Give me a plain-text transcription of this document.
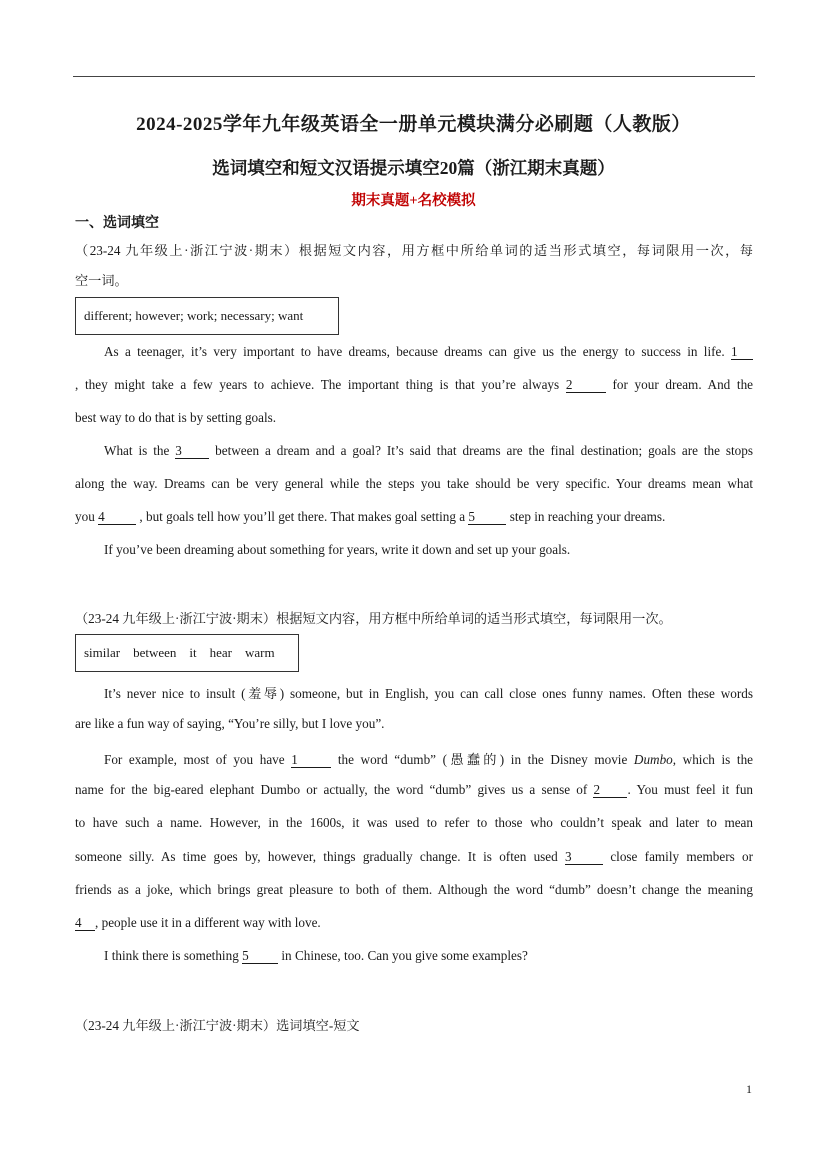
2024-2025学年九年级英语全一册单元模块满分必刷题（人教版）
选词填空和短文汉语提示填空20篇（浙江期末真题）
期末真题+名校模拟
一、选词填空
（23-24 九年级上·浙江宁波·期末）根据短文内容，用方框中所给单词的适当形式填空，每词限用一次，每
空一词。
different; however; work; necessary; want
As a teenager, it’s very important to have dreams, because dreams can give us the energy to success in life. 1
, they might take a few years to achieve. The important thing is that you’re always 2	for your dream. And the
best way to do that is by setting goals.
What is the 3	between a dream and a goal? It’s said that dreams are the final destination; goals are the stops
along the way. Dreams can be very general while the steps you take should be very specific. Your dreams mean what
you 4	, but goals tell how you’ll get there. That makes goal setting a 5	step in reaching your dreams.
If you’ve been dreaming about something for years, write it down and set up your goals.
（23-24 九年级上·浙江宁波·期末）根据短文内容，用方框中所给单词的适当形式填空，每词限用一次。
similar    between    it    hear    warm
It’s never nice to insult (羞辱) someone, but in English, you can call close ones funny names. Often these words
are like a fun way of saying, “You’re silly, but I love you”.
For example, most of you have 1	the word “dumb” (愚蠢的) in the Disney movie Dumbo, which is the
name for the big-eared elephant Dumbo or actually, the word “dumb” gives us a sense of 2 . You must feel it fun
to have such a name. However, in the 1600s, it was used to refer to those who couldn’t speak and later to mean
someone silly. As time goes by, however, things gradually change. It is often used 3	close family members or
friends as a joke, which brings great pleasure to both of them. Although the word “dumb” doesn’t change the meaning
4 , people use it in a different way with love.
I think there is something 5 in Chinese, too. Can you give some examples?
（23-24 九年级上·浙江宁波·期末）选词填空-短文
1
